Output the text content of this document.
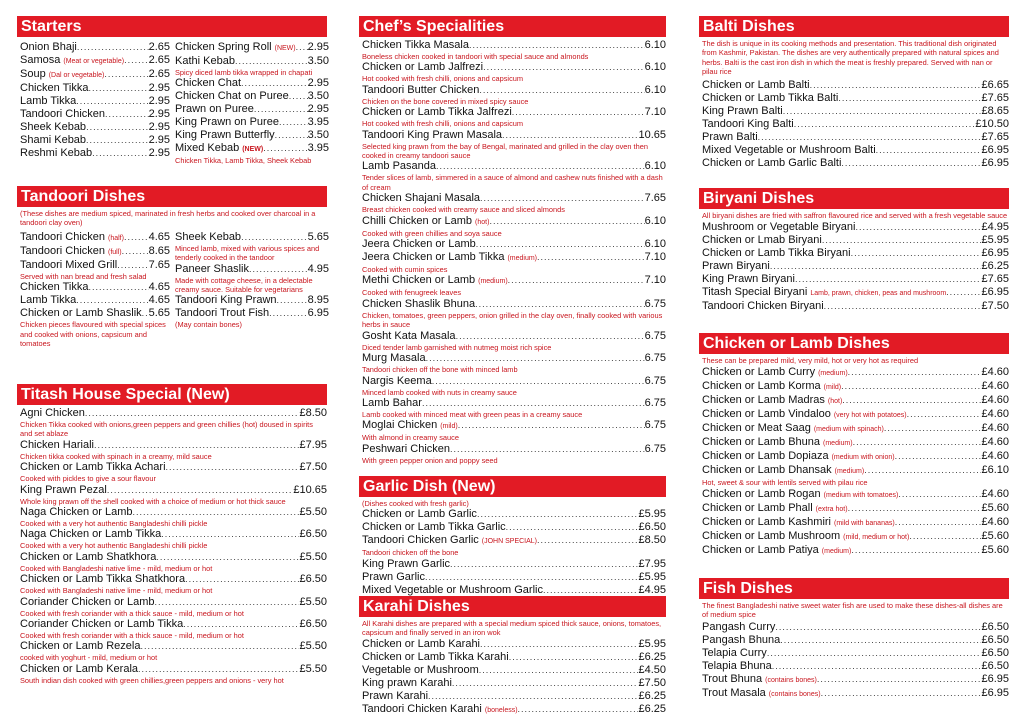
Starters
Onion Bhaji .....	2.65
Samosa (Meat or vegetable) ..... 2.65
Soup (Dal or vegetable) .....	2.65
Chicken Tikka .....	2.95
Lamb Tikka .....	2.95
Tandoori Chicken .....	2.95
Sheek Kebab .....	2.95
Shami Kebab .....	2.95
Reshmi Kebab .....	2.95
Chicken Spring Roll (NEW) ..... 2.95
Kathi Kebab .....	3.50
Spicy diced lamb tikka wrapped in chapati
Chicken Chat .....	2.95
Chicken Chat on Puree ..... 3.50
Prawn on Puree .....	2.95
King Prawn on Puree .....	3.95
King Prawn Butterfly .....	3.50
Mixed Kebab (NEW) .....	3.95
Chicken Tikka, Lamb Tikka, Sheek Kebab
Tandoori Dishes
(These dishes are medium spiced, marinated in fresh herbs and cooked over charcoal in a tandoori clay oven)
Tandoori Chicken (half) ..... 4.65
Tandoori Chicken (full) ..... 8.65
Tandoori Mixed Grill .....	7.65
Served with nan bread and fresh salad
Chicken Tikka .....	4.65
Lamb Tikka .....	4.65
Chicken or Lamb Shaslik ..... 5.65
Chicken pieces flavoured with special spices and cooked with onions, capsicum and tomatoes
Sheek Kebab .....	5.65
Minced lamb, mixed with various spices and tenderly cooked in the tandoor
Paneer Shaslik .....	4.95
Made with cottage cheese, in a delectable creamy sauce. Suitable for vegetarians
Tandoori King Prawn .....	8.95
Tandoori Trout Fish .....	6.95
(May contain bones)
Titash House Special (New)
Agni Chicken .....	£8.50
Chicken Tikka cooked with onions,green peppers and green chillies (hot) doused in spirits and set ablaze
Chicken Hariali .....	£7.95
Chicken tikka cooked with spinach in a creamy, mild sauce
Chicken or Lamb Tikka Achari .....	£7.50
Cooked with pickles to give a sour flavour
King Prawn Pezal .....	£10.65
Whole king prawn off the shell cooked with a choice of medium or hot thick sauce
Naga Chicken or Lamb .....	£5.50
Cooked with a very hot authentic Bangladeshi chilli pickle
Naga Chicken or Lamb Tikka .....	£6.50
Cooked with a very hot authentic Bangladeshi chilli pickle
Chicken or Lamb Shatkhora .....	£5.50
Cooked with Bangladeshi native lime - mild, medium or hot
Chicken or Lamb Tikka Shatkhora .....	£6.50
Cooked with Bangladeshi native lime - mild, medium or hot
Coriander Chicken or Lamb .....	£5.50
Cooked with fresh coriander with a thick sauce - mild, medium or hot
Coriander Chicken or Lamb Tikka .....	£6.50
Cooked with fresh coriander with a thick sauce - mild, medium or hot
Chicken or Lamb Rezela .....	£5.50
cooked with yoghurt - mild, medium or hot
Chicken or Lamb Kerala .....	£5.50
South indian dish cooked with green chillies,green peppers and onions - very hot
Chef’s Specialities
Chicken Tikka Masala .....	6.10
Boneless chicken cooked in tandoori with special sauce and almonds
Chicken or Lamb Jalfrezi .....	6.10
Hot cooked with fresh chilli, onions and capsicum
Tandoori Butter Chicken .....	6.10
Chicken on the bone covered in mixed spicy sauce
Chicken or Lamb Tikka Jalfrezi .....	7.10
Hot cooked with fresh chilli, onions and capsicum
Tandoori King Prawn Masala .....	10.65
Selected king prawn from the bay of Bengal, marinated and grilled in the clay oven then cooked in creamy tandoori sauce
Lamb Pasanda .....	6.10
Tender slices of lamb, simmered in a sauce of almond and cashew nuts finished with a dash of cream
Chicken Shajani Masala .....	7.65
Breast chicken cooked with creamy sauce and sliced almonds
Chilli Chicken or Lamb (hot) .....	6.10
Cooked with green chillies and soya sauce
Jeera Chicken or Lamb .....	6.10
Jeera Chicken or Lamb Tikka (medium) .....	7.10
Cooked with cumin spices
Methi Chicken or Lamb (medium) .....	7.10
Cooked with fenugreek leaves
Chicken Shaslik Bhuna .....	6.75
Chicken, tomatoes, green peppers, onion grilled in the clay oven, finally cooked with various herbs in sauce
Gosht Kata Masala .....	6.75
Diced tender lamb garnished with nutmeg moist rich spice
Murg Masala .....	6.75
Tandoori chicken off the bone with minced lamb
Nargis Keema .....	6.75
Minced lamb cooked with nuts in creamy sauce
Lamb Bahar .....	6.75
Lamb cooked with minced meat with green peas in a creamy sauce
Moglai Chicken (mild) .....	6.75
With almond in creamy sauce
Peshwari Chicken .....	6.75
With green pepper onion and poppy seed
Garlic Dish (New)
(Dishes cooked with fresh garlic)
Chicken or Lamb Garlic .....	£5.95
Chicken or Lamb Tikka Garlic .....	£6.50
Tandoori Chicken Garlic (JOHN SPECIAL) .....	£8.50
Tandoori chicken off the bone
King Prawn Garlic .....	£7.95
Prawn Garlic .....	£5.95
Mixed Vegetable or Mushroom Garlic .....	£4.95
Karahi Dishes
All Karahi dishes are prepared with a special medium spiced thick sauce, onions, tomatoes, capsicum and finally served in an iron wok
Chicken or Lamb Karahi .....	£5.95
Chicken or Lamb Tikka Karahi .....	£6.25
Vegetable or Mushroom .....	£4.50
King prawn Karahi .....	£7.50
Prawn Karahi .....	£6.25
Tandoori Chicken Karahi (boneless) .....	£6.25
Balti Dishes
The dish is unique in its cooking methods and presentation. This traditional dish originated from Kashmir, Pakistan. The dishes are very authentically prepared with natural spices and herbs. Balti is the cast iron dish in which the meat is freshly prepared. Served with nan or pilau rice
Chicken or Lamb Balti .....	£6.65
Chicken or Lamb Tikka Balti .....	£7.65
King Prawn Balti .....	£8.65
Tandoori King Balti .....	£10.50
Prawn Balti .....	£7.65
Mixed Vegetable or Mushroom Balti .....	£6.95
Chicken or Lamb Garlic Balti .....	£6.95
Biryani Dishes
All biryani dishes are fried with saffron flavoured rice and served with a fresh vegetable sauce
Mushroom or Vegetable Biryani .....	£4.95
Chicken or Lmab Biryani .....	£5.95
Chicken or Lamb Tikka Biryani .....	£6.95
Prawn Biryani .....	£6.25
King Prawn Biryani .....	£7.65
Titash Special Biryani Lamb, prawn, chicken, peas and mushroom .....	£6.95
Tandoori Chicken Biryani .....	£7.50
Chicken or Lamb Dishes
These can be prepared mild, very mild, hot or very hot as required
Chicken or Lamb Curry (medium) .....	£4.60
Chicken or Lamb Korma (mild) .....	£4.60
Chicken or Lamb Madras (hot) .....	£4.60
Chicken or Lamb Vindaloo (very hot with potatoes) .....	£4.60
Chicken or Meat Saag (medium with spinach) .....	£4.60
Chicken or Lamb Bhuna (medium) .....	£4.60
Chicken or Lamb Dopiaza (medium with onion) .....	£4.60
Chicken or Lamb Dhansak (medium) .....	£6.10
Hot, sweet & sour with lentils served with pilau rice
Chicken or Lamb Rogan (medium with tomatoes) .....	£4.60
Chicken or Lamb Phall (extra hot) .....	£5.60
Chicken or Lamb Kashmiri (mild with bananas) .....	£4.60
Chicken or Lamb Mushroom (mild, medium or hot) .....	£5.60
Chicken or Lamb Patiya (medium) .....	£5.60
Fish Dishes
The finest Bangladeshi native sweet water fish are used to make these dishes-all dishes are of medium spice
Pangash Curry .....	£6.50
Pangash Bhuna .....	£6.50
Telapia Curry .....	£6.50
Telapia Bhuna .....	£6.50
Trout Bhuna (contains bones) .....	£6.95
Trout Masala (contains bones) .....	£6.95
